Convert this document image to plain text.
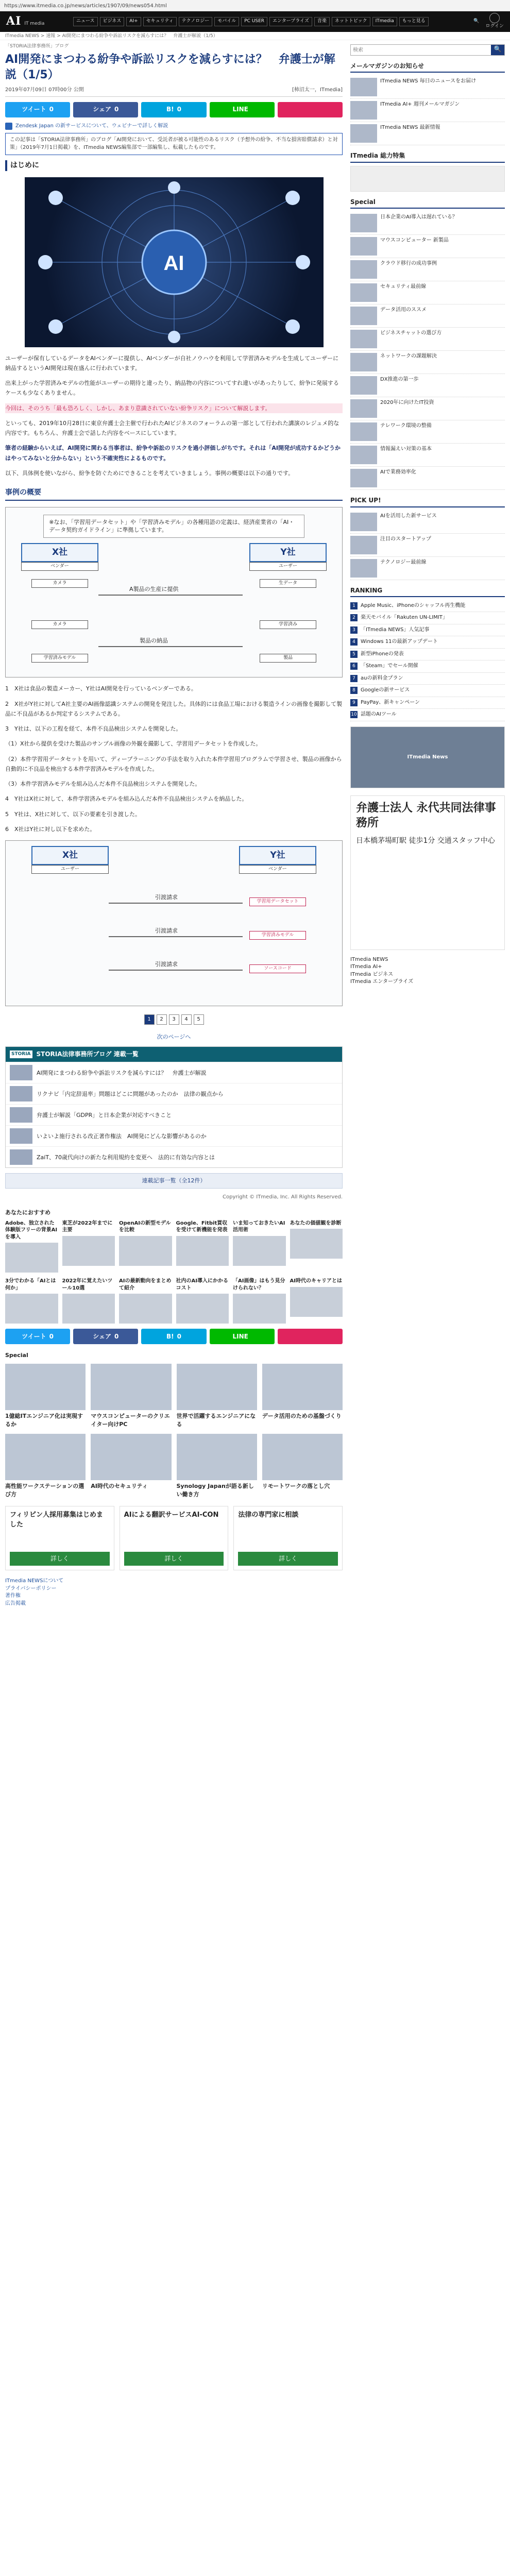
https://www.itmedia.co.jp/news/articles/1907/09/news054.html
AI IT media	ニュース	ビジネス	AI+	セキュリティ	テクノロジー	モバイル	PC USER	エンタープライズ	音楽	ネットトピック	ITmedia	もっと見る	🔍
ログイン
ITmedia NEWS > 速報 > AI開発にまつわる紛争や訴訟リスクを減らすには？　弁護士が解説（1/5）
「STORIA法律事務所」ブログ
AI開発にまつわる紛争や訴訟リスクを減らすには？　弁護士が解説（1/5）
2019年07月09日 07時00分 公開	[柿沼太一，ITmedia]
ツイート 0	シェア 0	B! 0	LINE
Zendesk Japan の新サービスについて、ウェビナーで詳しく解説
この記事は「STORIA法律事務所」のブログ「AI開発において、受託者が被る可能性のあるリスク（予想外の紛争、不当な損害賠償請求）と対策」（2019年7月1日掲載）を、ITmedia NEWS編集部で一部編集し、転載したものです。
はじめに
AI

ユーザーが保有しているデータをAIベンダーに提供し、AIベンダーが自社ノウハウを利用して学習済みモデルを生成してユーザーに納品するというAI開発は現在盛んに行われています。

出来上がった学習済みモデルの性能がユーザーの期待と違ったり、納品物の内容についてすれ違いがあったりして、紛争に発展するケースも少なくありません。

今回は、そのうち「最も恐ろしく、しかし、あまり意識されていない紛争リスク」について解説します。

といっても、2019年10月28日に東京弁護士会主催で行われたAIビジネスのフォーラムの第一部として行われた講演のレジュメ的な内容です。もちろん、弁護士会で話した内容をベースにしています。

筆者の経験からいえば、AI開発に関わる当事者は、紛争や訴訟のリスクを過小評価しがちです。それは「AI開発が成功するかどうかはやってみないと分からない」という不確実性によるものです。

以下、具体例を使いながら、紛争を防ぐためにできることを考えていきましょう。事例の概要は以下の通りです。

事例の概要
※なお、「学習用データセット」や「学習済みモデル」の各種用語の定義は、経済産業省の「AI・データ契約ガイドライン」に準拠しています。
X社
ベンダー
Y社
ユーザー
カメラ	生データ
A製品の生産に提供
カメラ	学習済み
製品の納品
学習済みモデル	製品

1　X社は食品の製造メーカー、Y社はAI開発を行っているベンダーである。

2　X社がY社に対してA社主要のAI画像認識システムの開発を発注した。具体的には食品工場における製造ラインの画像を撮影して製品に不良品があるか判定するシステムである。

3　Y社は、以下の工程を経て、本件不良品検出システムを開発した。

（1）X社から提供を受けた製品のサンプル画像の外観を撮影して、学習用データセットを作成した。

（2）本件学習用データセットを用いて、ディープラーニングの手法を取り入れた本件学習用プログラムで学習させ、製品の画像から自動的に不良品を検出する本件学習済みモデルを作成した。

（3）本件学習済みモデルを組み込んだ本件不良品検出システムを開発した。

4　Y社はX社に対して、本件学習済みモデルを組み込んだ本件不良品検出システムを納品した。

5　Y社は、X社に対して、以下の要素を引き渡した。

6　X社はY社に対し以下を求めた。

X社
ユーザー
Y社
ベンダー
引渡請求
引渡請求
引渡請求
学習用データセット
学習済みモデル
ソースコード
1	2	3	4	5
次のページへ
STORIA STORIA法律事務所ブログ 連載一覧
AI開発にまつわる紛争や訴訟リスクを減らすには？　弁護士が解説
リクナビ「内定辞退率」問題はどこに問題があったのか　法律の観点から
弁護士が解説「GDPR」と日本企業が対応すべきこと
いよいよ施行される改正著作権法　AI開発にどんな影響があるのか
ZaiT、70歳代向けの新たな利用規約を変更へ　法的に有効な内容とは
連載記事一覧（全12件）
Copyright © ITmedia, Inc. All Rights Reserved.
あなたにおすすめ
Adobe、独立された体験版フリーの背景AIを導入
東芝が2022年までに主要
OpenAIの新型モデルを比較
Google、Fitbit買収を受けて新機能を発表
いま知っておきたいAI活用術
あなたの価値観を診断
3分でわかる「AIとは何か」
2022年に覚えたいツール10選
AIの最新動向をまとめて紹介
社内のAI導入にかかるコスト
「AI画像」はもう見分けられない？
AI時代のキャリアとは
ツイート 0	シェア 0	B! 0	LINE
Special
1億総ITエンジニア化は実現するか
マウスコンピューターのクリエイター向けPC
世界で活躍するエンジニアになる
データ活用のための基盤づくり
高性能ワークステーションの選び方
AI時代のセキュリティ	Synology Japanが語る新しい働き方
リモートワークの落とし穴
フィリピン人採用募集はじめました
詳しく
AIによる翻訳サービスAI-CON
詳しく
法律の専門家に相談
詳しく
ITmedia NEWSについて
プライバシーポリシー
著作権
広告掲載
検索
🔍
メールマガジンのお知らせ
ITmedia NEWS 毎日のニュースをお届け
ITmedia AI+ 週刊メールマガジン
ITmedia NEWS 最新情報
ITmedia 総力特集
Special
日本企業のAI導入は遅れている？
マウスコンピューター 新製品
クラウド移行の成功事例
セキュリティ最前線
データ活用のススメ
ビジネスチャットの選び方
ネットワークの課題解決
DX推進の第一歩
2020年に向けたIT投資
テレワーク環境の整備
情報漏えい対策の基本
AIで業務効率化
PICK UP!
AIを活用した新サービス
注目のスタートアップ
テクノロジー最前線
RANKING
1	Apple Music、iPhoneのシャッフル再生機能
2	楽天モバイル「Rakuten UN-LIMIT」
3	「ITmedia NEWS」人気記事
4	Windows 11の最新アップデート
5	新型iPhoneの発表
6	「Steam」でセール開催
7	auの新料金プラン
8	Googleの新サービス
9	PayPay、新キャンペーン
10 話題のAIツール
ITmedia News
弁護士法人 永代共同法律事務所
日本橋茅場町駅 徒歩1分 交通スタッフ中心
ITmedia NEWS
ITmedia AI+
ITmedia ビジネス
ITmedia エンタープライズ
